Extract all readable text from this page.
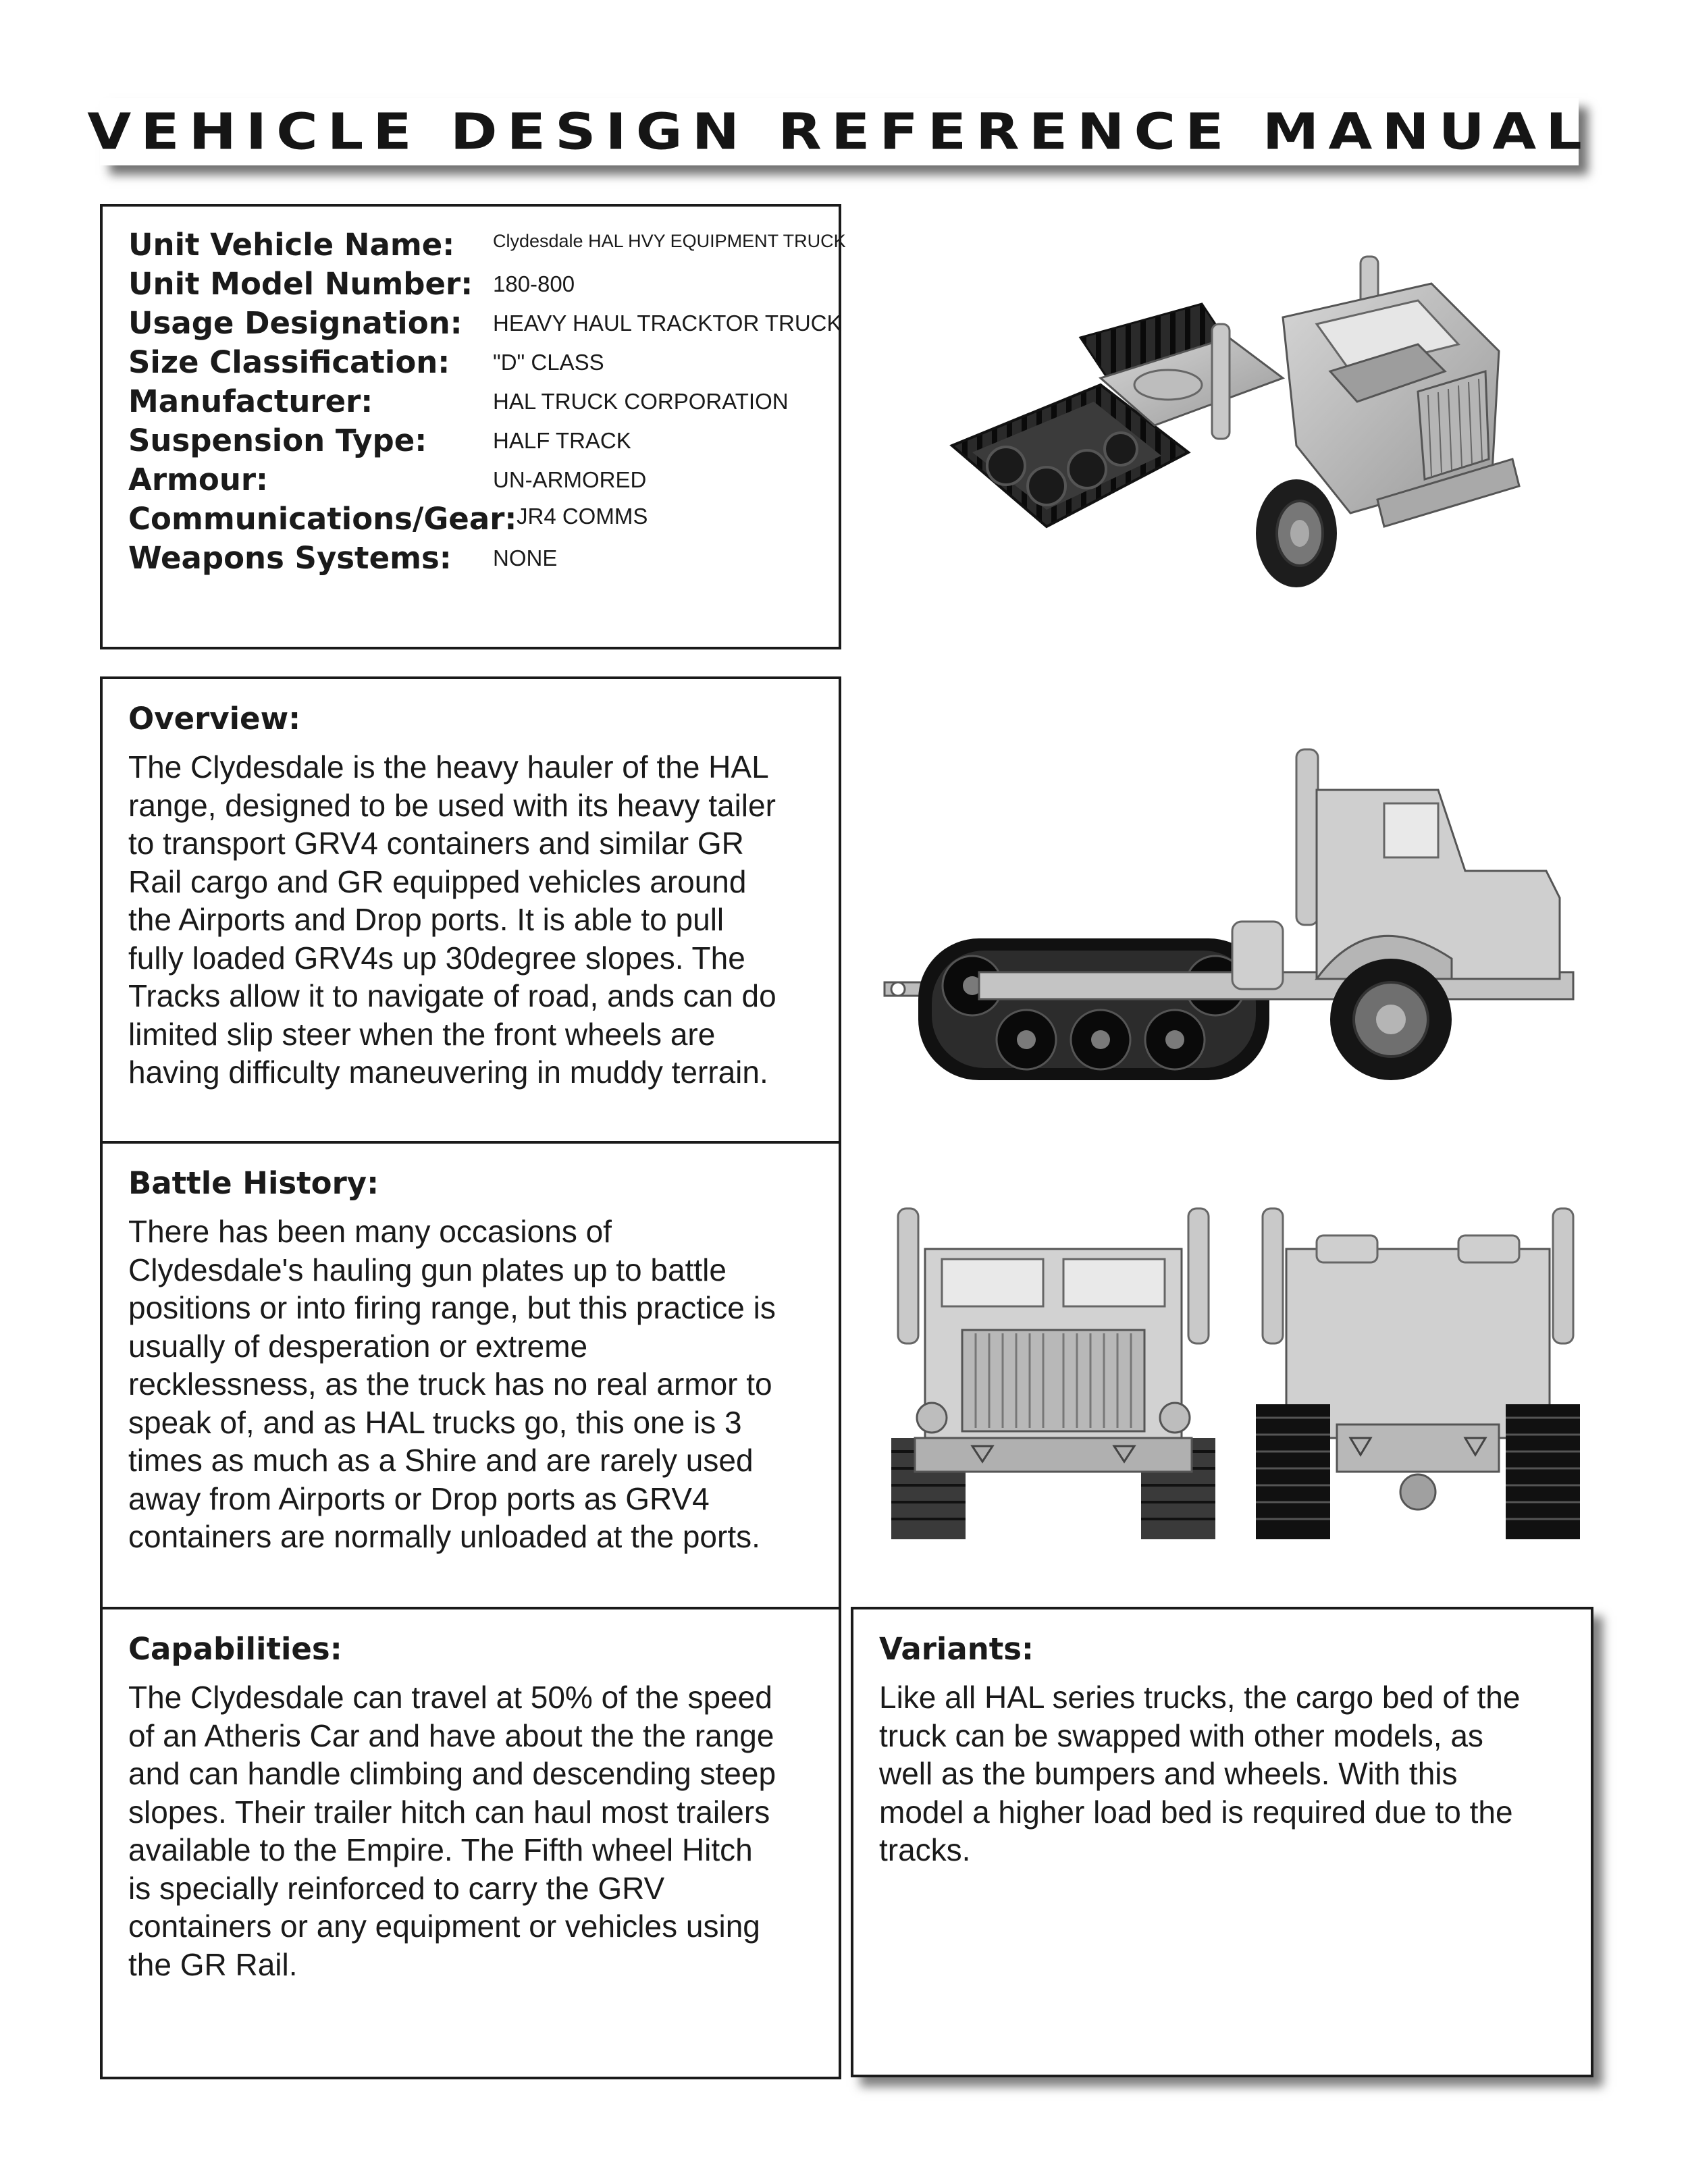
VEHICLE DESIGN REFERENCE MANUAL
Unit Vehicle Name: Clydesdale HAL HVY EQUIPMENT TRUCK
Unit Model Number: 180-800
Usage Designation: HEAVY HAUL TRACKTOR TRUCK
Size Classification: "D" CLASS
Manufacturer:	HAL TRUCK CORPORATION
Suspension Type:	HALF TRACK
Armour:	UN-ARMORED
Communications/Gear: JR4 COMMS
Weapons Systems: NONE
Overview:
The Clydesdale is the heavy hauler of the HAL
range, designed to be used with its heavy tailer
to transport GRV4 containers and similar GR
Rail cargo and GR equipped vehicles around
the Airports and Drop ports. It is able to pull
fully loaded GRV4s up 30degree slopes. The
Tracks allow it to navigate of road, ands can do
limited slip steer when the front wheels are
having difficulty maneuvering in muddy terrain.
Battle History:
There has been many occasions of
Clydesdale's hauling gun plates up to battle
positions or into firing range, but this practice is
usually of desperation or extreme
recklessness, as the truck has no real armor to
speak of, and as HAL trucks go, this one is 3
times as much as a Shire and are rarely used
away from Airports or Drop ports as GRV4
containers are normally unloaded at the ports.
Capabilities:
The Clydesdale can travel at 50% of the speed
of an Atheris Car and have about the the range
and can handle climbing and descending steep
slopes. Their trailer hitch can haul most trailers
available to the Empire. The Fifth wheel Hitch
is specially reinforced to carry the GRV
containers or any equipment or vehicles using
the GR Rail.
Variants:
Like all HAL series trucks, the cargo bed of the
truck can be swapped with other models, as
well as the bumpers and wheels. With this
model a higher load bed is required due to the
tracks.
